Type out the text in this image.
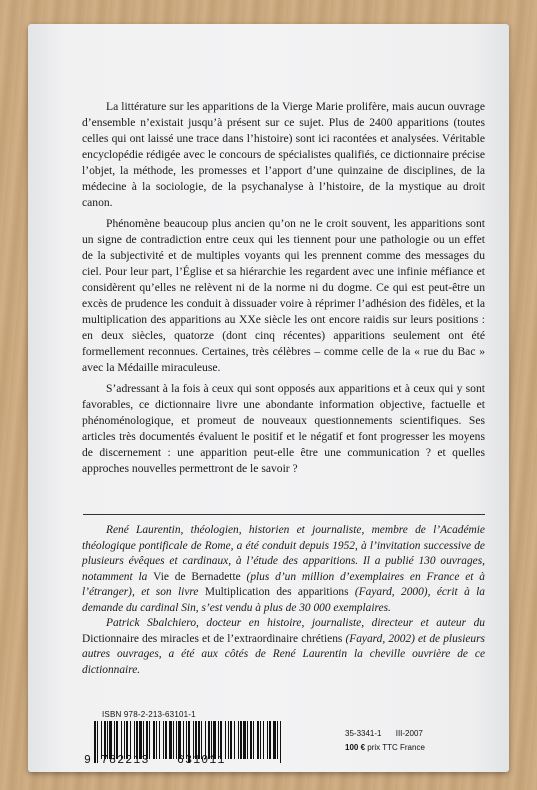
La littérature sur les apparitions de la Vierge Marie prolifère, mais aucun ouvrage d’ensemble n’existait jusqu’à présent sur ce sujet. Plus de 2400 apparitions (toutes celles qui ont laissé une trace dans l’histoire) sont ici racontées et analysées. Véritable encyclopédie rédigée avec le concours de spécialistes qualifiés, ce dictionnaire précise l’objet, la méthode, les promesses et l’apport d’une quinzaine de disciplines, de la médecine à la sociologie, de la psychanalyse à l’histoire, de la mystique au droit canon.

Phénomène beaucoup plus ancien qu’on ne le croit souvent, les apparitions sont un signe de contradiction entre ceux qui les tiennent pour une pathologie ou un effet de la subjectivité et de multiples voyants qui les prennent comme des messages du ciel. Pour leur part, l’Église et sa hiérarchie les regardent avec une infinie méfiance et considèrent qu’elles ne relèvent ni de la norme ni du dogme. Ce qui est peut-être un excès de prudence les conduit à dissuader voire à réprimer l’adhésion des fidèles, et la multiplication des apparitions au XXe siècle les ont encore raidis sur leurs positions : en deux siècles, quatorze (dont cinq récentes) apparitions seulement ont été formellement reconnues. Certaines, très célèbres – comme celle de la « rue du Bac » avec la Médaille miraculeuse.

S’adressant à la fois à ceux qui sont opposés aux apparitions et à ceux qui y sont favorables, ce dictionnaire livre une abondante information objective, factuelle et phénoménologique, et promeut de nouveaux questionnements scientifiques. Ses articles très documentés évaluent le positif et le négatif et font progresser les moyens de discernement : une apparition peut-elle être une communication ? et quelles approches nouvelles permettront de le savoir ?

René Laurentin, théologien, historien et journaliste, membre de l’Académie théologique pontificale de Rome, a été conduit depuis 1952, à l’invitation successive de plusieurs évêques et cardinaux, à l’étude des apparitions. Il a publié 130 ouvrages, notamment la Vie de Bernadette (plus d’un million d’exemplaires en France et à l’étranger), et son livre Multiplication des apparitions (Fayard, 2000), écrit à la demande du cardinal Sin, s’est vendu à plus de 30 000 exemplaires.

Patrick Sbalchiero, docteur en histoire, journaliste, directeur et auteur du Dictionnaire des miracles et de l’extraordinaire chrétiens (Fayard, 2002) et de plusieurs autres ouvrages, a été aux côtés de René Laurentin la cheville ouvrière de ce dictionnaire.

ISBN 978-2-213-63101-1
9 782213 631011
35-3341-1 III-2007
100 € prix TTC France
